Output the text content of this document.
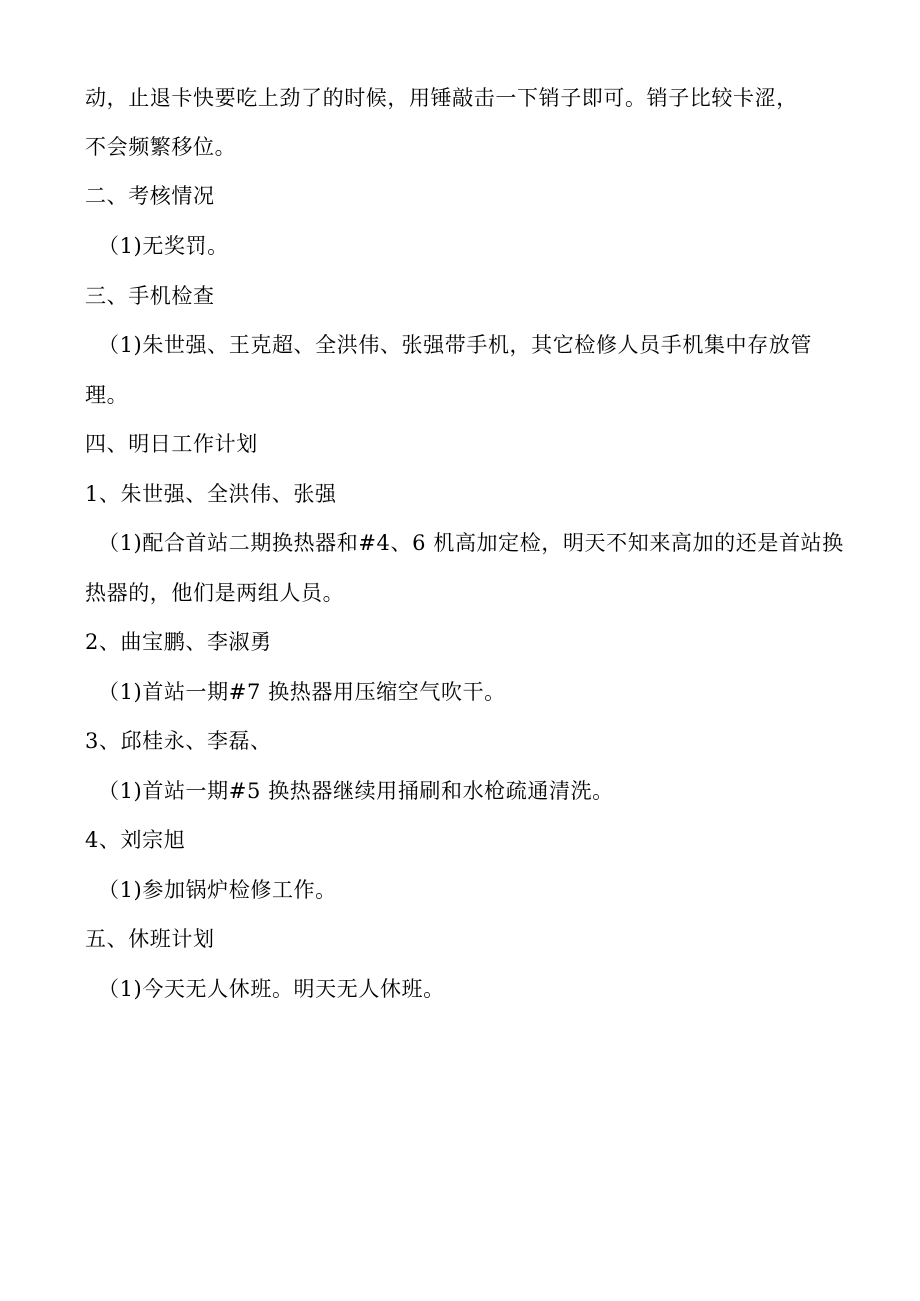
动，止退卡快要吃上劲了的时候，用锤敲击一下销子即可。销子比较卡涩，
不会频繁移位。
二、考核情况
（1)无奖罚。
三、手机检查
（1)朱世强、王克超、全洪伟、张强带手机，其它检修人员手机集中存放管
理。
四、明日工作计划
1、朱世强、全洪伟、张强
（1)配合首站二期换热器和#4、6 机高加定检，明天不知来高加的还是首站换
热器的，他们是两组人员。
2、曲宝鹏、李淑勇
（1)首站一期#7 换热器用压缩空气吹干。
3、邱桂永、李磊、
（1)首站一期#5 换热器继续用捅刷和水枪疏通清洗。
4、刘宗旭
（1)参加锅炉检修工作。
五、休班计划
（1)今天无人休班。明天无人休班。
